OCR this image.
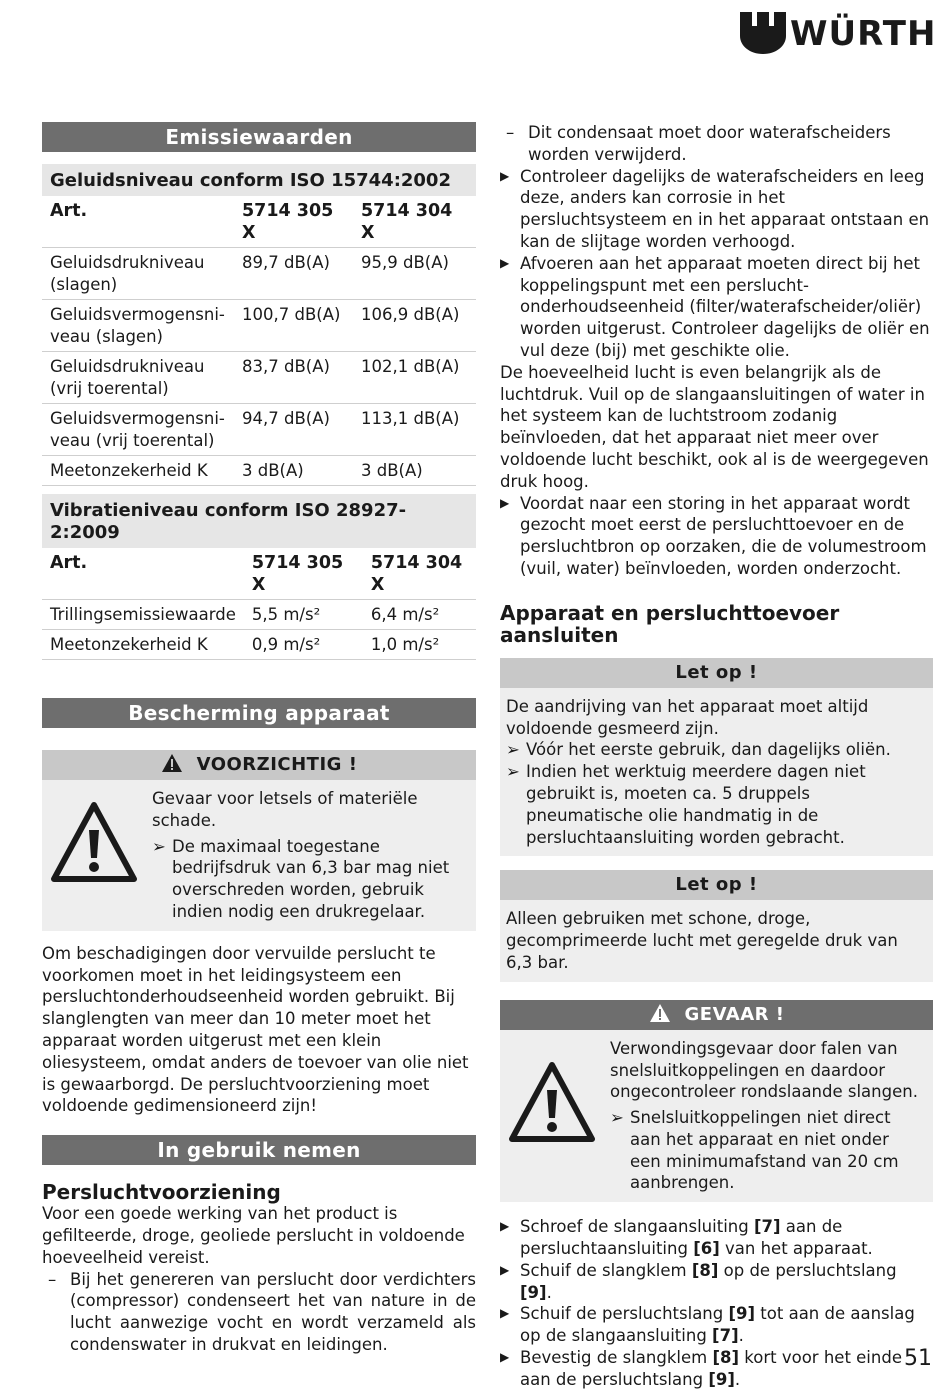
WÜRTH
Emissiewaarden
Geluidsniveau conform ISO 15744:2002
Art.	5714 305 X	5714 304 X
Geluidsdrukniveau (slagen)	89,7 dB(A)	95,9 dB(A)
Geluidsvermogensni-veau (slagen)	100,7 dB(A)	106,9 dB(A)
Geluidsdrukniveau (vrij toerental)	83,7 dB(A)	102,1 dB(A)
Geluidsvermogensni-veau (vrij toerental)	94,7 dB(A)	113,1 dB(A)
Meetonzekerheid K	3 dB(A)	3 dB(A)
Vibratieniveau conform ISO 28927-2:2009
Art.	5714 305 X	5714 304 X
Trillingsemissiewaarde	5,5 m/s²	6,4 m/s²
Meetonzekerheid K	0,9 m/s²	1,0 m/s²
Bescherming apparaat
VOORZICHTIG !

Gevaar voor letsels of materiële schade.

➢ De maximaal toegestane bedrijfsdruk van 6,3 bar mag niet overschreden worden, gebruik indien nodig een drukregelaar.

Om beschadigingen door vervuilde perslucht te voorkomen moet in het leidingsysteem een persluchtonderhoudseenheid worden gebruikt. Bij slanglengten van meer dan 10 meter moet het apparaat worden uitgerust met een klein oliesysteem, omdat anders de toevoer van olie niet is gewaarborgd. De persluchtvoorziening moet voldoende gedimensioneerd zijn!

In gebruik nemen
Persluchtvoorziening

Voor een goede werking van het product is gefilteerde, droge, geoliede perslucht in voldoende hoeveelheid vereist.

– Bij het genereren van perslucht door verdichters (compressor) condenseert het van nature in de lucht aanwezige vocht en wordt verzameld als condenswater in drukvat en leidingen.
– Dit condensaat moet door waterafscheiders worden verwijderd.
▶ Controleer dagelijks de waterafscheiders en leeg deze, anders kan corrosie in het persluchtsysteem en in het apparaat ontstaan en kan de slijtage worden verhoogd.
▶ Afvoeren aan het apparaat moeten direct bij het koppelingspunt met een perslucht-onderhoudseenheid (filter/waterafscheider/oliër) worden uitgerust. Controleer dagelijks de oliër en vul deze (bij) met geschikte olie.

De hoeveelheid lucht is even belangrijk als de luchtdruk. Vuil op de slangaansluitingen of water in het systeem kan de luchtstroom zodanig beïnvloeden, dat het apparaat niet meer over voldoende lucht beschikt, ook al is de weergegeven druk hoog.

▶ Voordat naar een storing in het apparaat wordt gezocht moet eerst de persluchttoevoer en de persluchtbron op oorzaken, die de volumestroom (vuil, water) beïnvloeden, worden onderzocht.
Apparaat en persluchttoevoer aansluiten
Let op !

De aandrijving van het apparaat moet altijd voldoende gesmeerd zijn.

➢ Vóór het eerste gebruik, dan dagelijks oliën.
➢ Indien het werktuig meerdere dagen niet gebruikt is, moeten ca. 5 druppels pneumatische olie handmatig in de persluchtaansluiting worden gebracht.
Let op !

Alleen gebruiken met schone, droge, gecomprimeerde lucht met geregelde druk van 6,3 bar.

GEVAAR !

Verwondingsgevaar door falen van snelsluitkoppelingen en daardoor ongecontroleer rondslaande slangen.

➢ Snelsluitkoppelingen niet direct aan het apparaat en niet onder een minimumafstand van 20 cm aanbrengen.
▶ Schroef de slangaansluiting [7] aan de persluchtaansluiting [6] van het apparaat.
▶ Schuif de slangklem [8] op de persluchtslang [9].
▶ Schuif de persluchtslang [9] tot aan de aanslag op de slangaansluiting [7].
▶ Bevestig de slangklem [8] kort voor het einde aan de persluchtslang [9].
51
